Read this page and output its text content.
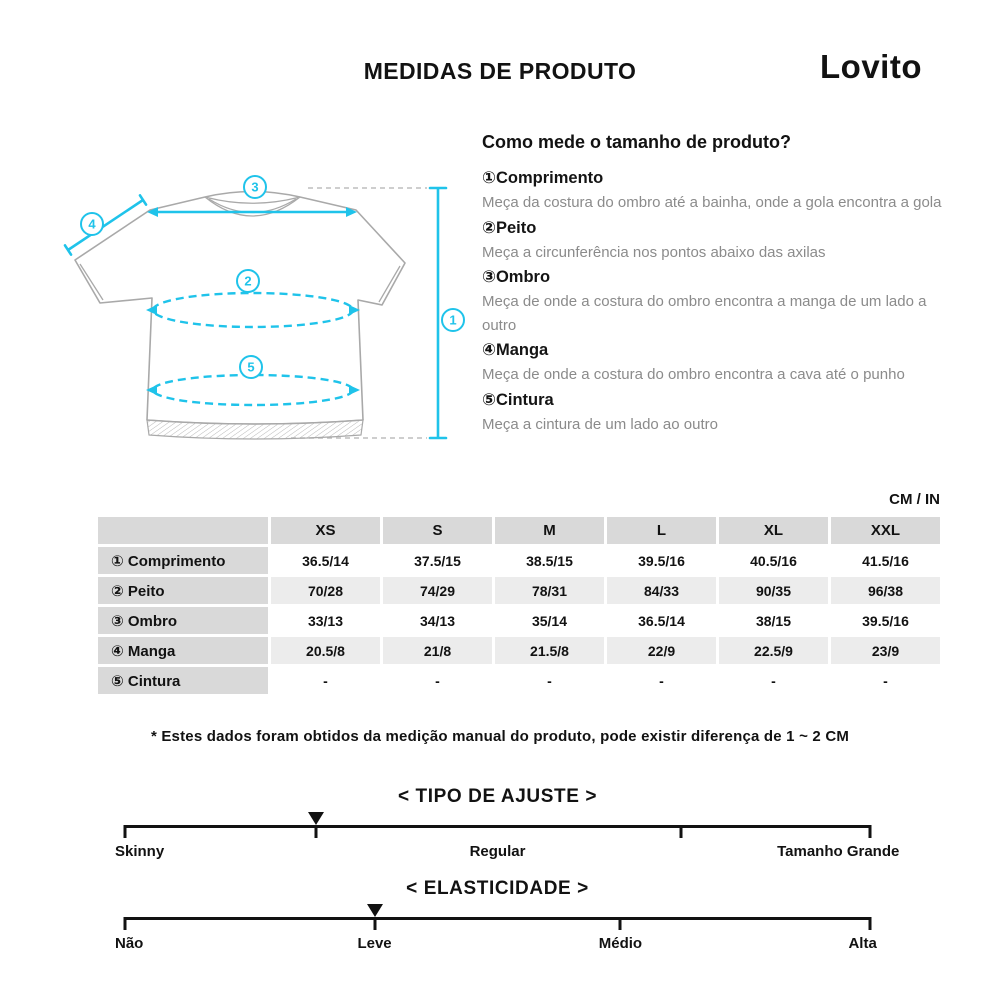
MEDIDAS DE PRODUTO	Lovito
1
2
3
4
5
Como mede o tamanho de produto?
①Comprimento
Meça da costura do ombro até a bainha, onde a gola encontra a gola
②Peito
Meça a circunferência nos pontos abaixo das axilas
③Ombro
Meça de onde a costura do ombro encontra a manga de um lado a outro
④Manga
Meça de onde a costura do ombro encontra a cava até o punho
⑤Cintura
Meça a cintura de um lado ao outro
CM / IN
	XS	S	M	L	XL	XXL
① Comprimento	36.5/14	37.5/15	38.5/15	39.5/16	40.5/16	41.5/16
② Peito	70/28	74/29	78/31	84/33	90/35	96/38
③ Ombro	33/13	34/13	35/14	36.5/14	38/15	39.5/16
④ Manga	20.5/8	21/8	21.5/8	22/9	22.5/9	23/9
⑤ Cintura	-	-	-	-	-	-
* Estes dados foram obtidos da medição manual do produto, pode existir diferença de 1 ~ 2 CM
< TIPO DE AJUSTE >
Skinny	Regular	Tamanho Grande
< ELASTICIDADE >
Não	Leve	Médio	Alta
